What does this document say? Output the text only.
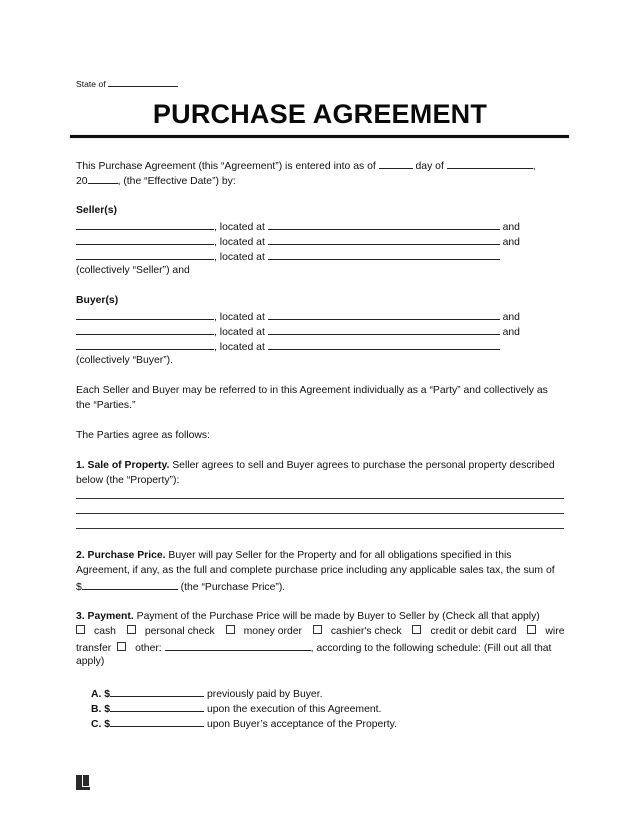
State of
PURCHASE AGREEMENT
This Purchase Agreement (this “Agreement”) is entered into as of	day of	,
20	, (the “Effective Date”) by:
Seller(s)
, located at	and
, located at	and
, located at
(collectively “Seller”) and
Buyer(s)
, located at	and
, located at	and
, located at
(collectively “Buyer”).
Each Seller and Buyer may be referred to in this Agreement individually as a “Party” and collectively as
the “Parties.”
The Parties agree as follows:
1. Sale of Property. Seller agrees to sell and Buyer agrees to purchase the personal property described
below (the “Property”):
2. Purchase Price. Buyer will pay Seller for the Property and for all obligations specified in this
Agreement, if any, as the full and complete purchase price including any applicable sales tax, the sum of
$	(the “Purchase Price”).
3. Payment. Payment of the Purchase Price will be made by Buyer to Seller by (Check all that apply)
cash	personal check	money order	cashier's check	credit or debit card	wire
transfer other:	, according to the following schedule: (Fill out all that
apply)
A. $	previously paid by Buyer.
B. $	upon the execution of this Agreement.
C. $	upon Buyer’s acceptance of the Property.
